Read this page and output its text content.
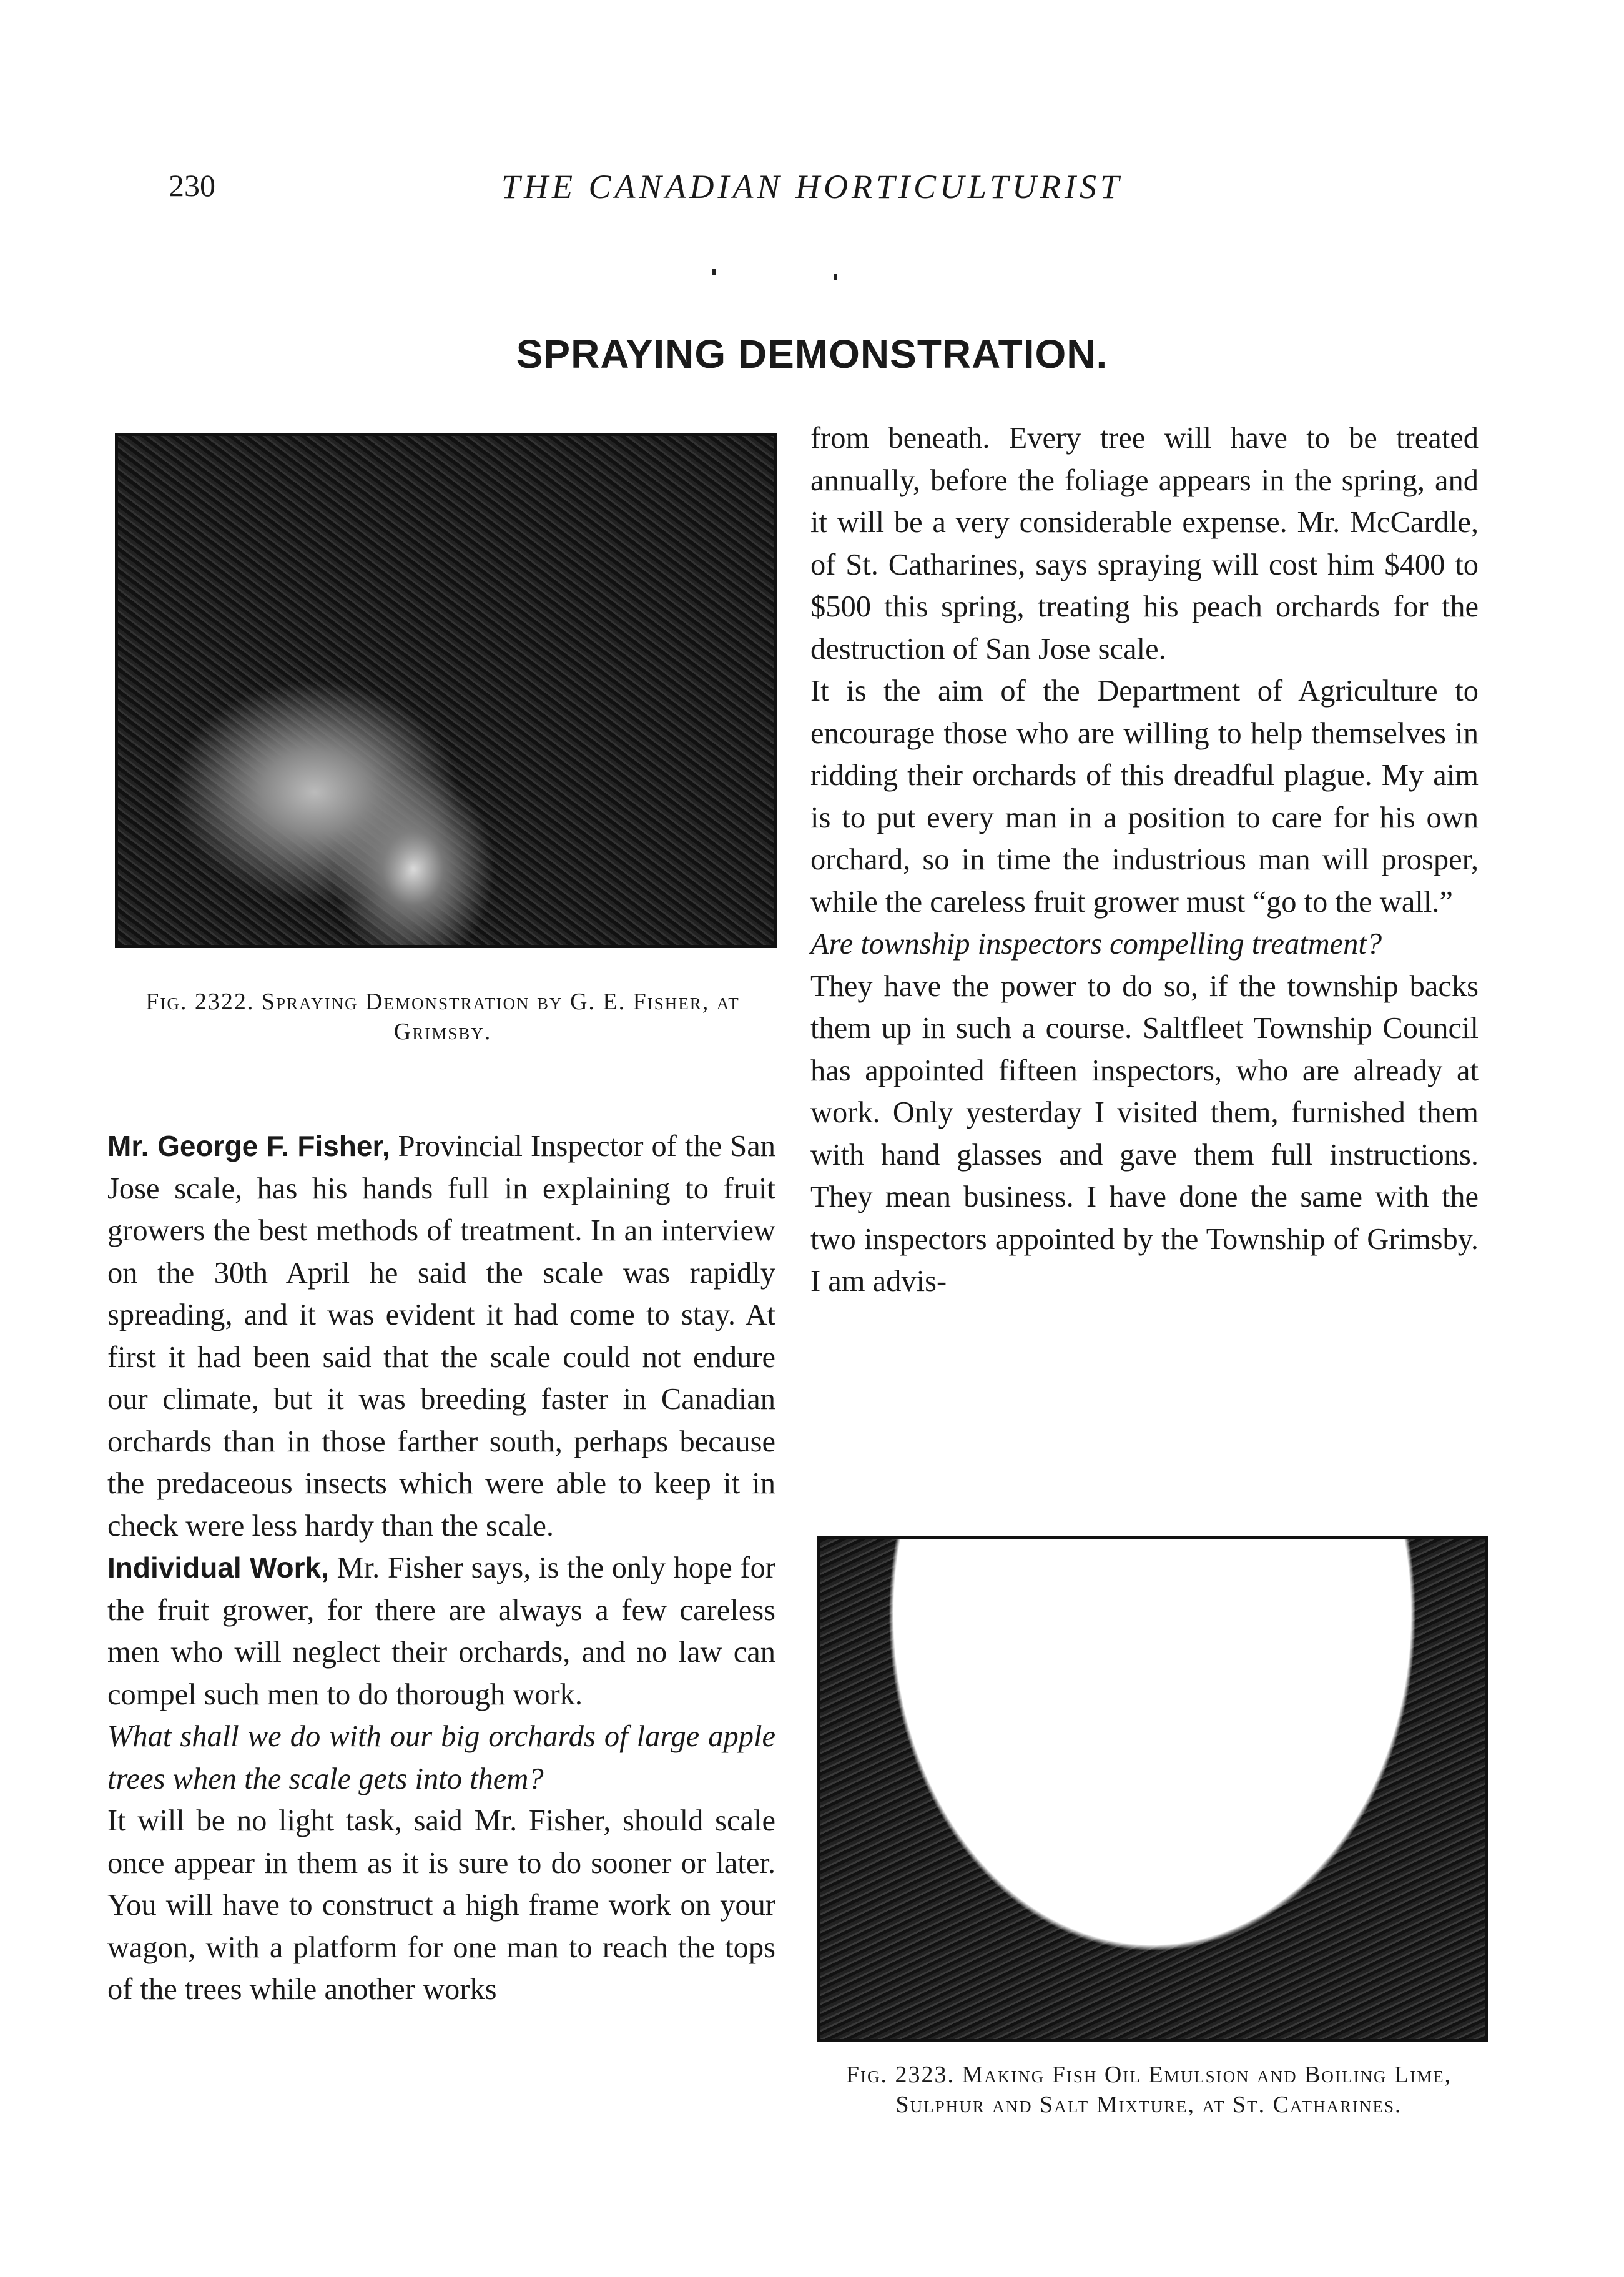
230	THE CANADIAN HORTICULTURIST
SPRAYING DEMONSTRATION.
Fig. 2322. Spraying Demonstration by G. E. Fisher, at Grimsby.

Mr. George F. Fisher, Provincial Inspector of the San Jose scale, has his hands full in explaining to fruit growers the best methods of treatment. In an interview on the 30th April he said the scale was rapidly spreading, and it was evident it had come to stay. At first it had been said that the scale could not endure our climate, but it was breeding faster in Canadian orchards than in those farther south, perhaps because the predaceous insects which were able to keep it in check were less hardy than the scale.

Individual Work, Mr. Fisher says, is the only hope for the fruit grower, for there are always a few careless men who will neglect their orchards, and no law can compel such men to do thorough work.

What shall we do with our big orchards of large apple trees when the scale gets into them?

It will be no light task, said Mr. Fisher, should scale once appear in them as it is sure to do sooner or later. You will have to construct a high frame work on your wagon, with a platform for one man to reach the tops of the trees while another works

from beneath. Every tree will have to be treated annually, before the foliage appears in the spring, and it will be a very considerable expense. Mr. McCardle, of St. Catharines, says spraying will cost him $400 to $500 this spring, treating his peach orchards for the destruction of San Jose scale.

It is the aim of the Department of Agriculture to encourage those who are willing to help themselves in ridding their orchards of this dreadful plague. My aim is to put every man in a position to care for his own orchard, so in time the industrious man will prosper, while the careless fruit grower must “go to the wall.”

Are township inspectors compelling treatment?

They have the power to do so, if the township backs them up in such a course. Saltfleet Township Council has appointed fifteen inspectors, who are already at work. Only yesterday I visited them, furnished them with hand glasses and gave them full instructions. They mean business. I have done the same with the two inspectors appointed by the Township of Grimsby. I am advis-

Fig. 2323. Making Fish Oil Emulsion and Boiling Lime, Sulphur and Salt Mixture, at St. Catharines.
